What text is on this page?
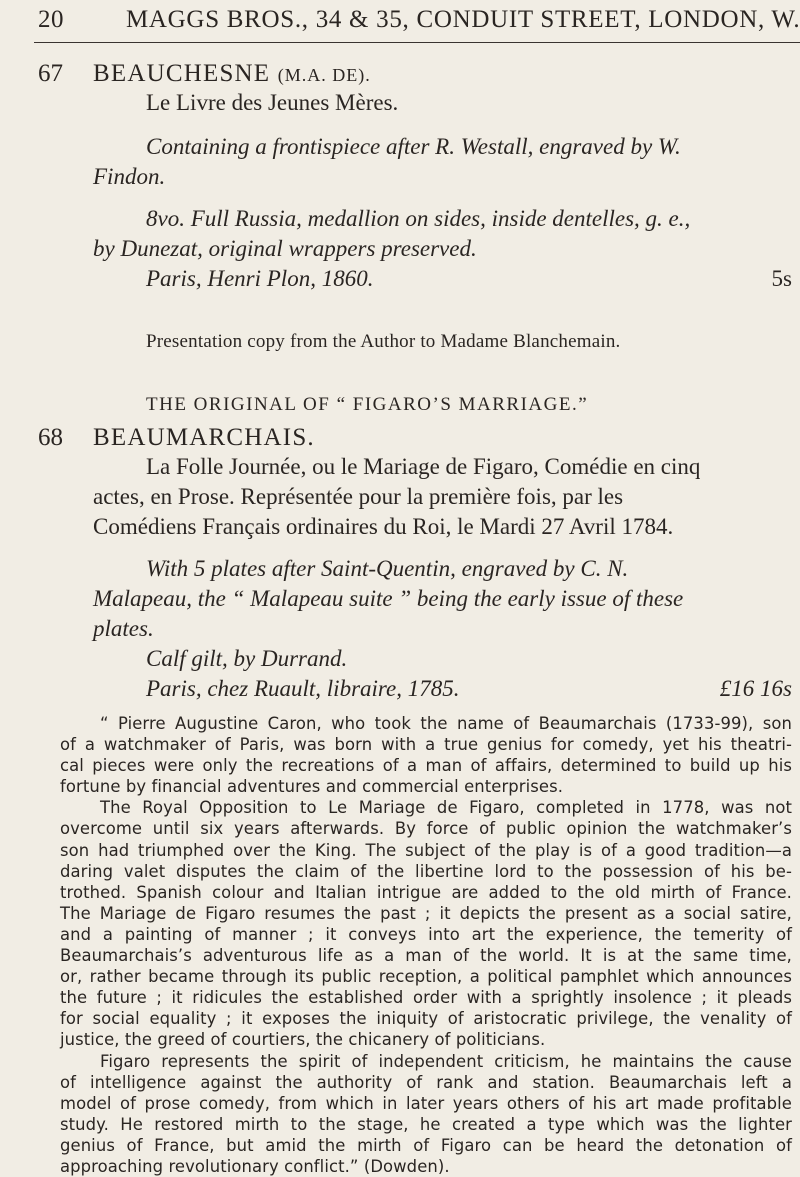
20 MAGGS BROS., 34 & 35, CONDUIT STREET, LONDON, W.
67 BEAUCHESNE (M.A. DE).
Le Livre des Jeunes Mères.
Containing a frontispiece after R. Westall, engraved by W.
Findon.
8vo. Full Russia, medallion on sides, inside dentelles, g. e.,
by Dunezat, original wrappers preserved.
Paris, Henri Plon, 1860.	5s
Presentation copy from the Author to Madame Blanchemain.
THE ORIGINAL OF “ FIGARO’S MARRIAGE.”
68 BEAUMARCHAIS.
La Folle Journée, ou le Mariage de Figaro, Comédie en cinq
actes, en Prose. Représentée pour la première fois, par les
Comédiens Français ordinaires du Roi, le Mardi 27 Avril 1784.
With 5 plates after Saint-Quentin, engraved by C. N.
Malapeau, the “ Malapeau suite ” being the early issue of these
plates.
Calf gilt, by Durrand.
Paris, chez Ruault, libraire, 1785.	£16 16s

“ Pierre Augustine Caron, who took the name of Beaumarchais (1733-99), son

of a watchmaker of Paris, was born with a true genius for comedy, yet his theatri-

cal pieces were only the recreations of a man of affairs, determined to build up his

fortune by financial adventures and commercial enterprises.

The Royal Opposition to Le Mariage de Figaro, completed in 1778, was not

overcome until six years afterwards. By force of public opinion the watchmaker’s

son had triumphed over the King. The subject of the play is of a good tradition—a

daring valet disputes the claim of the libertine lord to the possession of his be-

trothed. Spanish colour and Italian intrigue are added to the old mirth of France.

The Mariage de Figaro resumes the past ; it depicts the present as a social satire,

and a painting of manner ; it conveys into art the experience, the temerity of

Beaumarchais’s adventurous life as a man of the world. It is at the same time,

or, rather became through its public reception, a political pamphlet which announces

the future ; it ridicules the established order with a sprightly insolence ; it pleads

for social equality ; it exposes the iniquity of aristocratic privilege, the venality of

justice, the greed of courtiers, the chicanery of politicians.

Figaro represents the spirit of independent criticism, he maintains the cause

of intelligence against the authority of rank and station. Beaumarchais left a

model of prose comedy, from which in later years others of his art made profitable

study. He restored mirth to the stage, he created a type which was the lighter

genius of France, but amid the mirth of Figaro can be heard the detonation of

approaching revolutionary conflict.” (Dowden).
